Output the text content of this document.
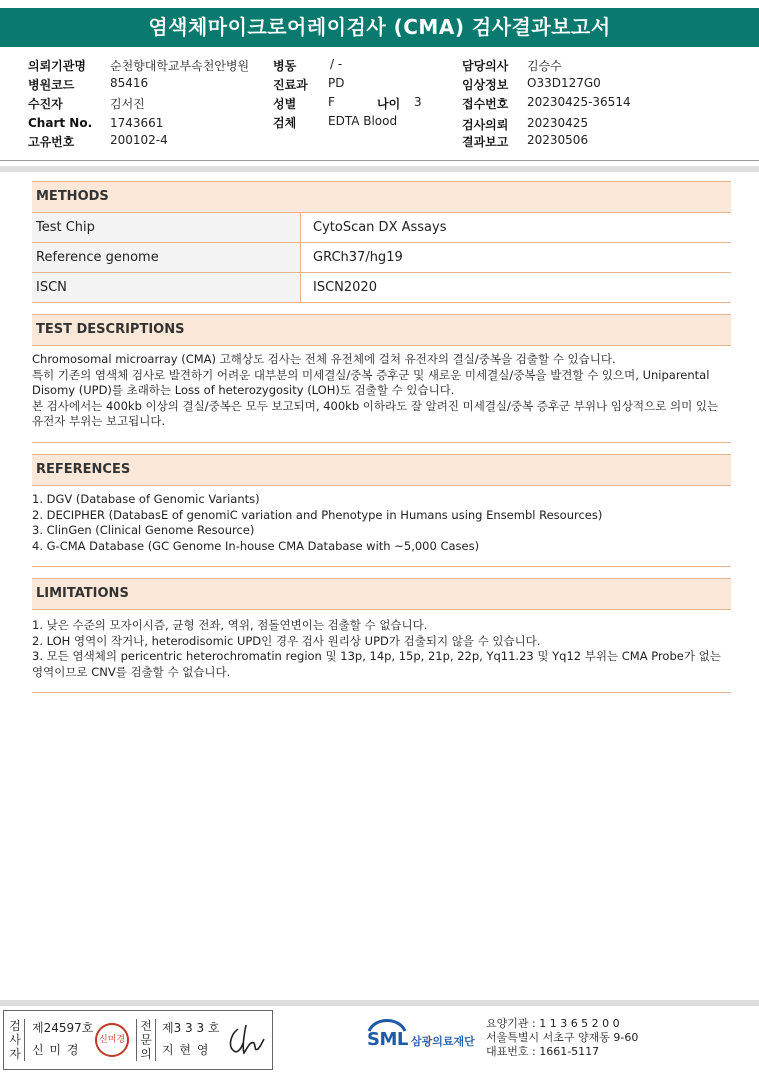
염색체마이크로어레이검사 (CMA) 검사결과보고서
의뢰기관명 순천향대학교부속천안병원
병원코드	85416
수진자	김서진
Chart No. 1743661
고유번호	200102-4
병동	/ -
진료과 PD
성별	F	나이 3
검체	EDTA Blood
담당의사 김승수
임상정보 O33D127G0
접수번호 20230425-36514
검사의뢰 20230425
결과보고 20230506
METHODS
Test Chip	CytoScan DX Assays
Reference genome	GRCh37/hg19
ISCN	ISCN2020
TEST DESCRIPTIONS
Chromosomal microarray (CMA) 고해상도 검사는 전체 유전체에 걸쳐 유전자의 결실/중복을 검출할 수 있습니다.
특히 기존의 염색체 검사로 발견하기 어려운 대부분의 미세결실/중복 증후군 및 새로운 미세결실/중복을 발견할 수 있으며, Uniparental Disomy (UPD)를 초래하는 Loss of heterozygosity (LOH)도 검출할 수 있습니다.
본 검사에서는 400kb 이상의 결실/중복은 모두 보고되며, 400kb 이하라도 잘 알려진 미세결실/중복 증후군 부위나 임상적으로 의미 있는 유전자 부위는 보고됩니다.
REFERENCES
1. DGV (Database of Genomic Variants)
2. DECIPHER (DatabasE of genomiC variation and Phenotype in Humans using Ensembl Resources)
3. ClinGen (Clinical Genome Resource)
4. G-CMA Database (GC Genome In-house CMA Database with ~5,000 Cases)
LIMITATIONS
1. 낮은 수준의 모자이시즘, 균형 전좌, 역위, 점돌연변이는 검출할 수 없습니다.
2. LOH 영역이 작거나, heterodisomic UPD인 경우 검사 원리상 UPD가 검출되지 않을 수 있습니다.
3. 모든 염색체의 pericentric heterochromatin region 및 13p, 14p, 15p, 21p, 22p, Yq11.23 및 Yq12 부위는 CMA Probe가 없는 영역이므로 CNV를 검출할 수 없습니다.
검사자
제24597호
신 미 경
신미경
전문의
제3 3 3 호
지 현 영	SML 삼광의료재단
요양기관 : 1 1 3 6 5 2 0 0
서울특별시 서초구 양재동 9-60
대표번호 : 1661-5117
